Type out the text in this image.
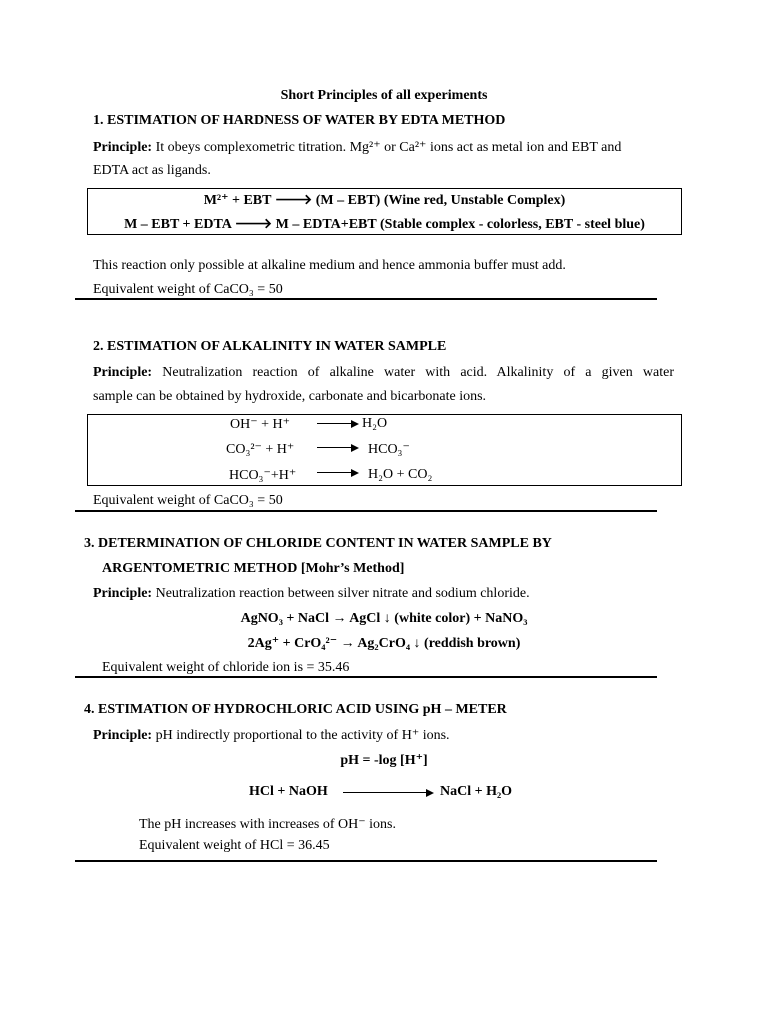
Short Principles of all experiments
1. ESTIMATION OF HARDNESS OF WATER BY EDTA METHOD
Principle: It obeys complexometric titration. Mg²⁺ or Ca²⁺ ions act as metal ion and EBT and
EDTA act as ligands.
M²⁺ + EBT 🡒 (M – EBT) (Wine red, Unstable Complex)
M – EBT + EDTA 🡒 M – EDTA+EBT (Stable complex - colorless, EBT - steel blue)
This reaction only possible at alkaline medium and hence ammonia buffer must add.
Equivalent weight of CaCO₃ = 50
2. ESTIMATION OF ALKALINITY IN WATER SAMPLE
Principle: Neutralization reaction of alkaline water with acid. Alkalinity of a given water
sample can be obtained by hydroxide, carbonate and bicarbonate ions.
OH⁻ + H⁺ → H₂O
CO₃²⁻ + H⁺ → HCO₃⁻
HCO₃⁻+H⁺ → H₂O + CO₂
Equivalent weight of CaCO₃ = 50
3. DETERMINATION OF CHLORIDE CONTENT IN WATER SAMPLE BY
ARGENTOMETRIC METHOD [Mohr’s Method]
Principle: Neutralization reaction between silver nitrate and sodium chloride.
AgNO₃ + NaCl → AgCl ↓ (white color) + NaNO₃
2Ag⁺ + CrO₄²⁻ → Ag₂CrO₄ ↓ (reddish brown)
Equivalent weight of chloride ion is = 35.46
4. ESTIMATION OF HYDROCHLORIC ACID USING pH – METER
Principle: pH indirectly proportional to the activity of H⁺ ions.
pH = -log [H⁺]
HCl + NaOH	NaCl + H₂O
The pH increases with increases of OH⁻ ions.
Equivalent weight of HCl = 36.45
